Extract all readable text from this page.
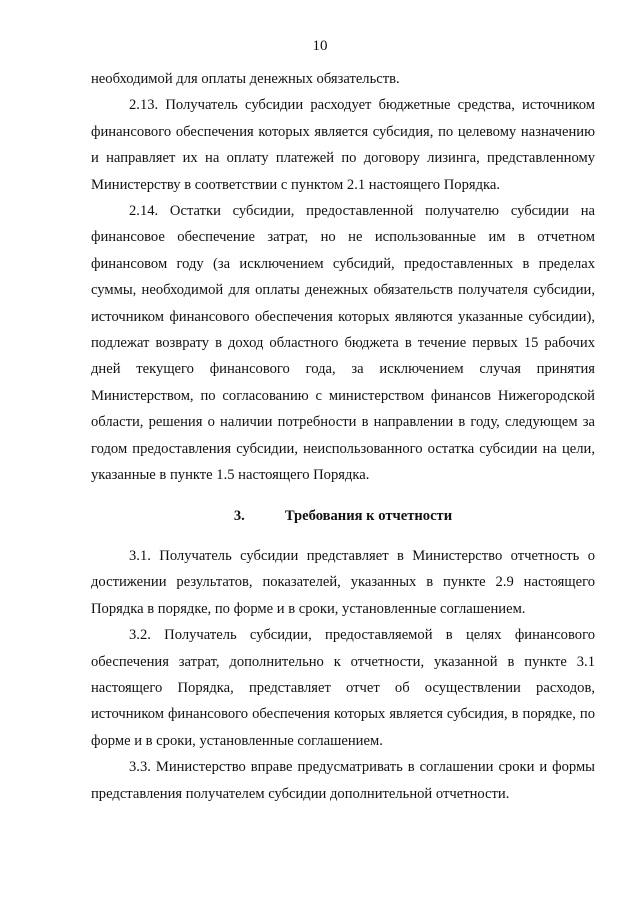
10

необходимой для оплаты денежных обязательств.

2.13. Получатель субсидии расходует бюджетные средства, источником финансового обеспечения которых является субсидия, по целевому назначению и направляет их на оплату платежей по договору лизинга, представленному Министерству в соответствии с пунктом 2.1 настоящего Порядка.

2.14. Остатки субсидии, предоставленной получателю субсидии на финансовое обеспечение затрат, но не использованные им в отчетном финансовом году (за исключением субсидий, предоставленных в пределах суммы, необходимой для оплаты денежных обязательств получателя субсидии, источником финансового обеспечения которых являются указанные субсидии), подлежат возврату в доход областного бюджета в течение первых 15 рабочих дней текущего финансового года, за исключением случая принятия Министерством, по согласованию с министерством финансов Нижегородской области, решения о наличии потребности в направлении в году, следующем за годом предоставления субсидии, неиспользованного остатка субсидии на цели, указанные в пункте 1.5 настоящего Порядка.

3.	Требования к отчетности

3.1. Получатель субсидии представляет в Министерство отчетность о достижении результатов, показателей, указанных в пункте 2.9 настоящего Порядка в порядке, по форме и в сроки, установленные соглашением.

3.2. Получатель субсидии, предоставляемой в целях финансового обеспечения затрат, дополнительно к отчетности, указанной в пункте 3.1 настоящего Порядка, представляет отчет об осуществлении расходов, источником финансового обеспечения которых является субсидия, в порядке, по форме и в сроки, установленные соглашением.

3.3. Министерство вправе предусматривать в соглашении сроки и формы представления получателем субсидии дополнительной отчетности.
